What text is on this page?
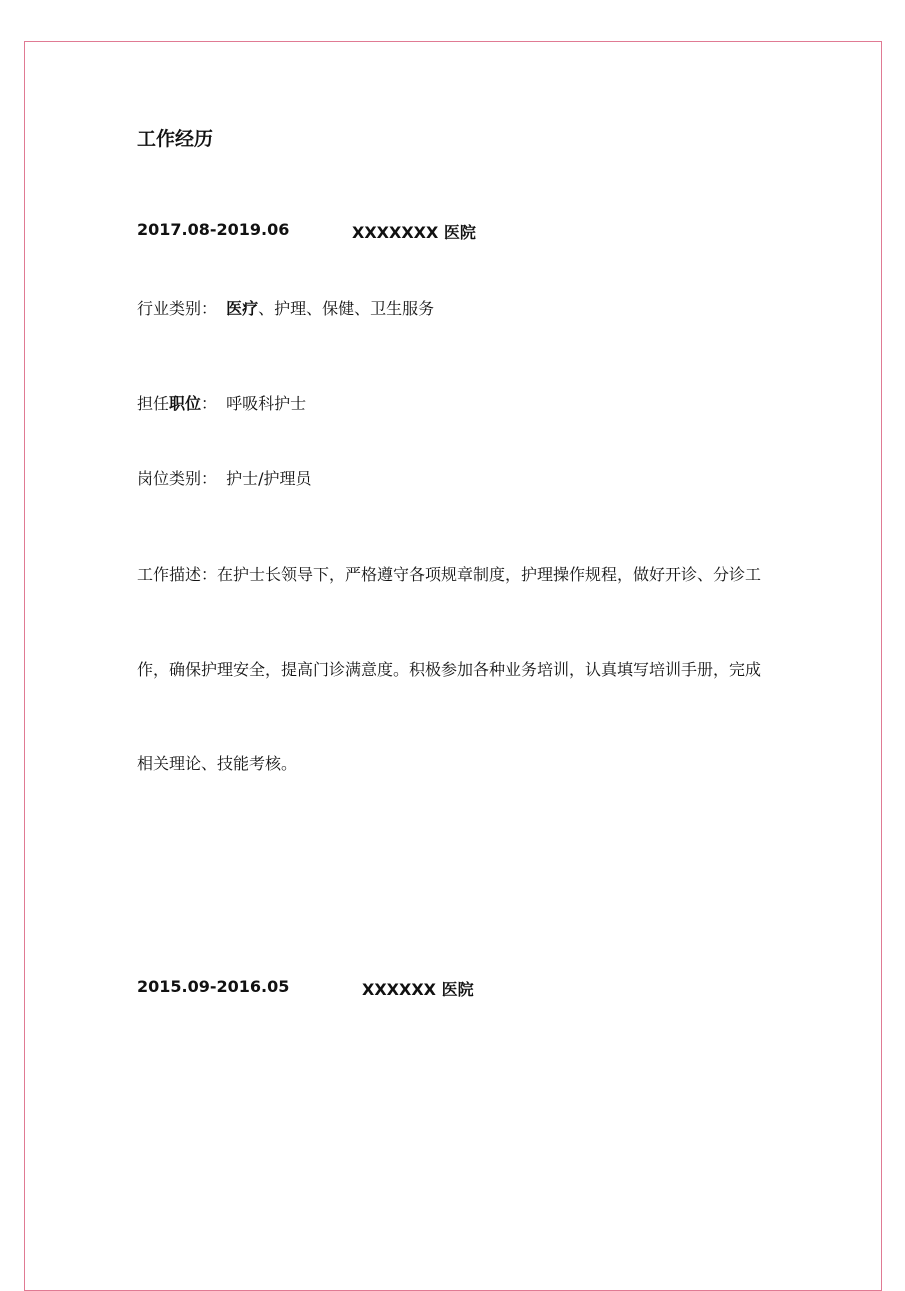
工作经历
2017.08-2019.06	XXXXXXX 医院
行业类别： 医疗、护理、保健、卫生服务
担任职位： 呼吸科护士
岗位类别： 护士/护理员
工作描述：在护士长领导下，严格遵守各项规章制度，护理操作规程，做好开诊、分诊工
作，确保护理安全，提高门诊满意度。积极参加各种业务培训，认真填写培训手册，完成
相关理论、技能考核。
2015.09-2016.05	XXXXXX 医院
